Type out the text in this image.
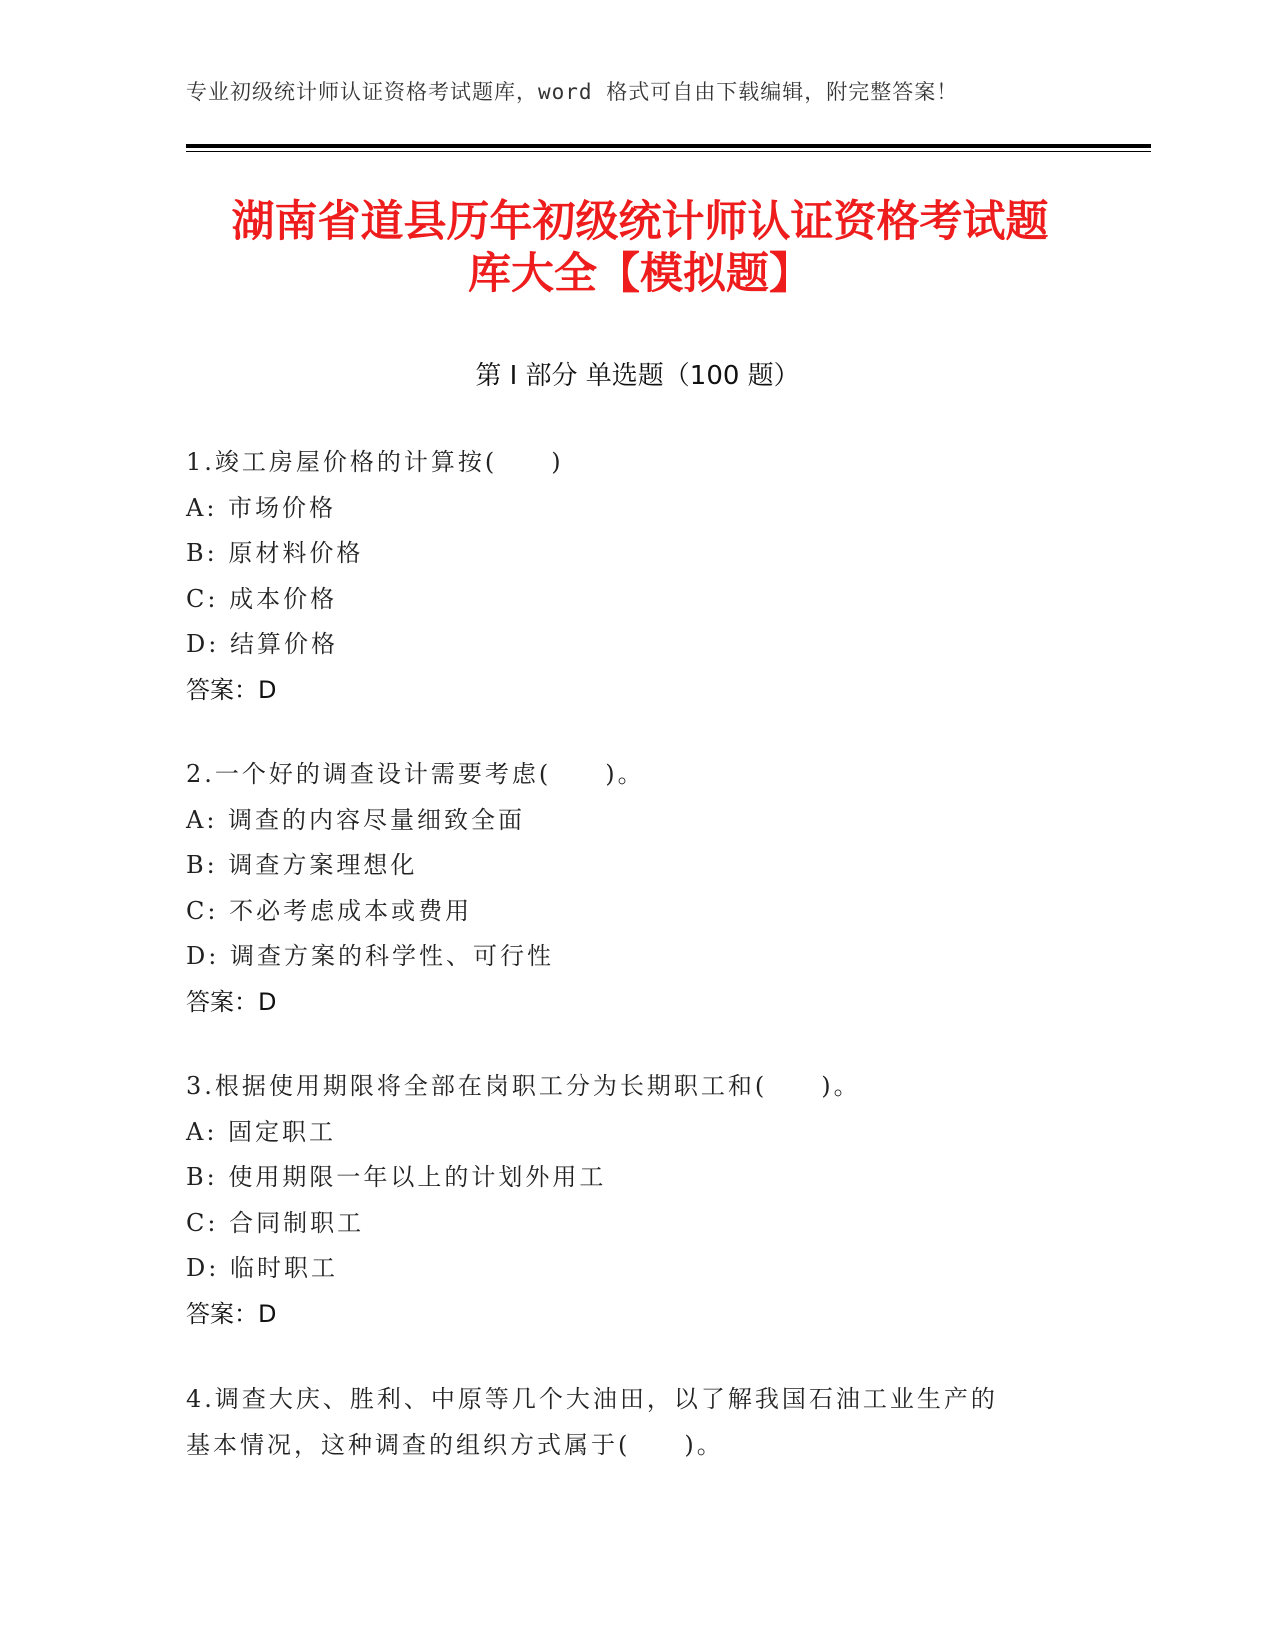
专业初级统计师认证资格考试题库，word 格式可自由下载编辑，附完整答案！
湖南省道县历年初级统计师认证资格考试题
库大全【模拟题】
第 I 部分 单选题（100 题）
1.竣工房屋价格的计算按(　　)
A: 市场价格
B: 原材料价格
C: 成本价格
D: 结算价格
答案：D
2.一个好的调查设计需要考虑(　　)。
A: 调查的内容尽量细致全面
B: 调查方案理想化
C: 不必考虑成本或费用
D: 调查方案的科学性、可行性
答案：D
3.根据使用期限将全部在岗职工分为长期职工和(　　)。
A: 固定职工
B: 使用期限一年以上的计划外用工
C: 合同制职工
D: 临时职工
答案：D
4.调查大庆、胜利、中原等几个大油田，以了解我国石油工业生产的
基本情况，这种调查的组织方式属于(　　)。
